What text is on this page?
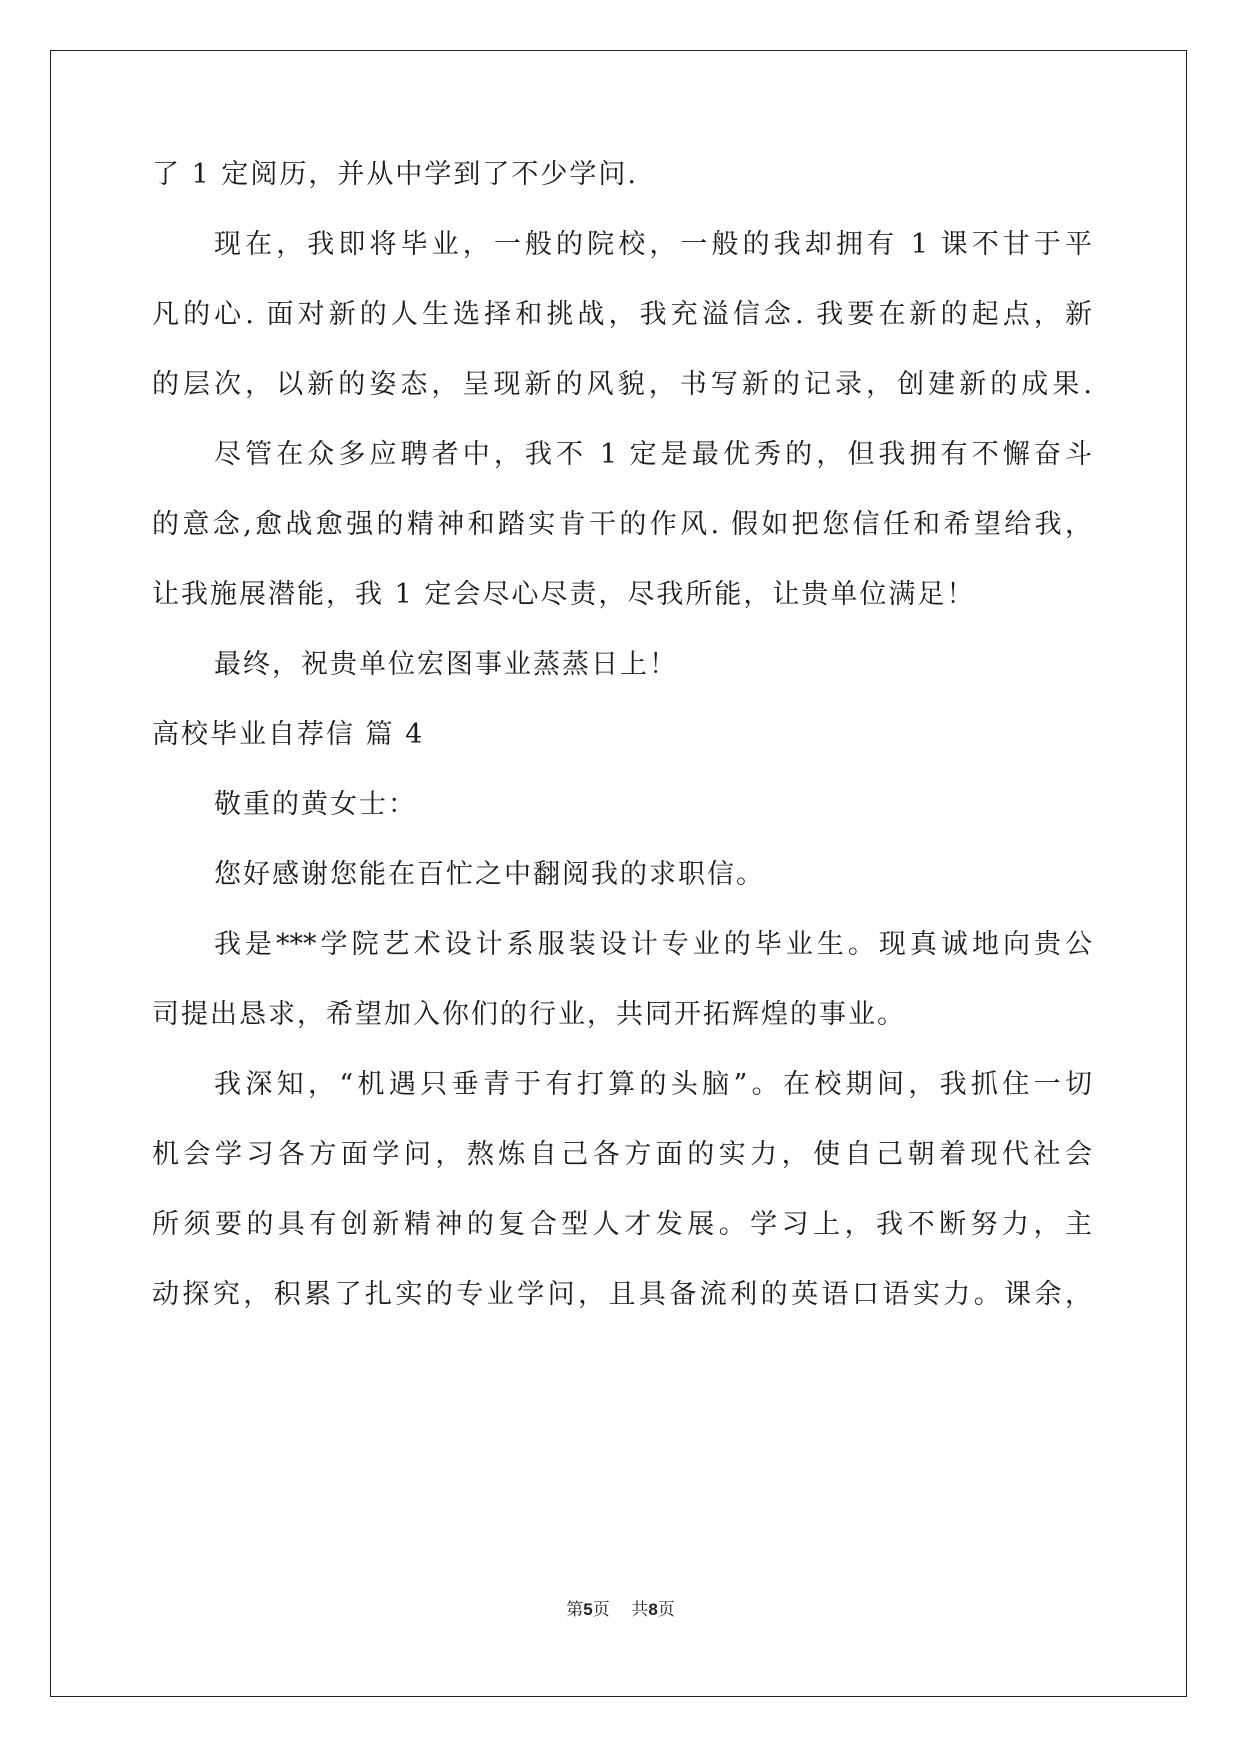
了 1 定阅历，并从中学到了不少学问.
现在，我即将毕业，一般的院校，一般的我却拥有 1 课不甘于平
凡的心. 面对新的人生选择和挑战，我充溢信念. 我要在新的起点，新
的层次，以新的姿态，呈现新的风貌，书写新的记录，创建新的成果.
尽管在众多应聘者中，我不 1 定是最优秀的，但我拥有不懈奋斗
的意念,愈战愈强的精神和踏实肯干的作风. 假如把您信任和希望给我，
让我施展潜能，我 1 定会尽心尽责，尽我所能，让贵单位满足！
最终，祝贵单位宏图事业蒸蒸日上！
高校毕业自荐信 篇 4
敬重的黄女士：
您好感谢您能在百忙之中翻阅我的求职信。
我是***学院艺术设计系服装设计专业的毕业生。现真诚地向贵公
司提出恳求，希望加入你们的行业，共同开拓辉煌的事业。
我深知，“机遇只垂青于有打算的头脑”。在校期间，我抓住一切
机会学习各方面学问，熬炼自己各方面的实力，使自己朝着现代社会
所须要的具有创新精神的复合型人才发展。学习上，我不断努力，主
动探究，积累了扎实的专业学问，且具备流利的英语口语实力。课余，
第5页    共8页
